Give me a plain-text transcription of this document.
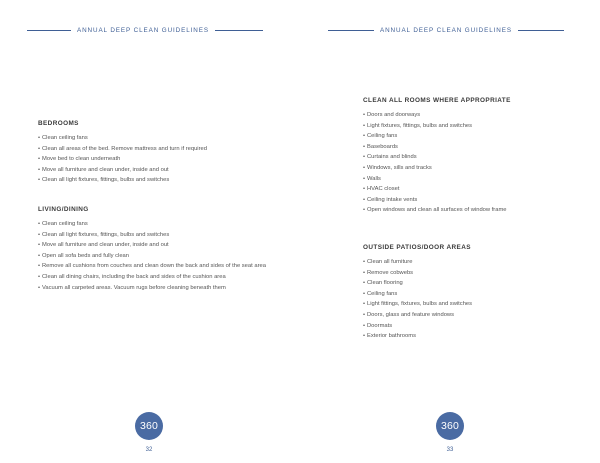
ANNUAL DEEP CLEAN GUIDELINES
BEDROOMS
• Clean ceiling fans
• Clean all areas of the bed. Remove mattress and turn if required
• Move bed to clean underneath
• Move all furniture and clean under, inside and out
• Clean all light fixtures, fittings, bulbs and switches
LIVING/DINING
• Clean ceiling fans
• Clean all light fixtures, fittings, bulbs and switches
• Move all furniture and clean under, inside and out
• Open all sofa beds and fully clean
• Remove all cushions from couches and clean down the back and sides of the seat area
• Clean all dining chairs, including the back and sides of the cushion area
• Vacuum all carpeted areas. Vacuum rugs before cleaning beneath them
360
32
ANNUAL DEEP CLEAN GUIDELINES
CLEAN ALL ROOMS WHERE APPROPRIATE
• Doors and doorways
• Light fixtures, fittings, bulbs and switches
• Ceiling fans
• Baseboards
• Curtains and blinds
• Windows, sills and tracks
• Walls
• HVAC closet
• Ceiling intake vents
• Open windows and clean all surfaces of window frame
OUTSIDE PATIOS/DOOR AREAS
• Clean all furniture
• Remove cobwebs
• Clean flooring
• Ceiling fans
• Light fittings, fixtures, bulbs and switches
• Doors, glass and feature windows
• Doormats
• Exterior bathrooms
360
33
